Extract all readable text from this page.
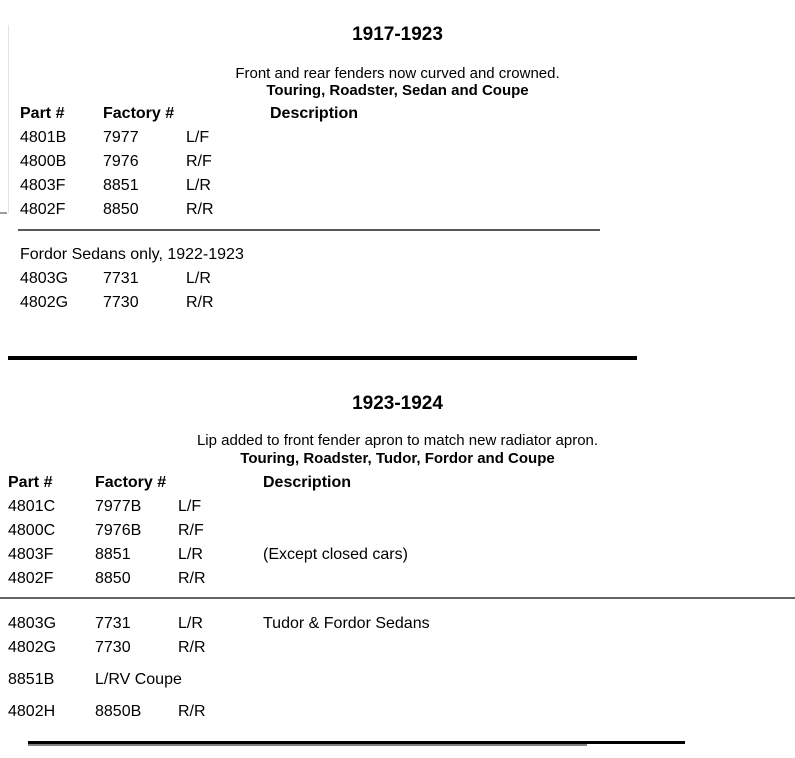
1917-1923
Front and rear fenders now curved and crowned.
Touring, Roadster, Sedan and Coupe
Part #	Factory #		Description
4801B	7977	L/F	
4800B	7976	R/F	
4803F	8851	L/R	
4802F	8850	R/R	
Fordor Sedans only, 1922-1923			
4803G	7731	L/R	
4802G	7730	R/R	
1923-1924
Lip added to front fender apron to match new radiator apron.
Touring, Roadster, Tudor, Fordor and Coupe
Part #	Factory #		Description
4801C	7977B	L/F	
4800C	7976B	R/F	
4803F	8851	L/R	(Except closed cars)
4802F	8850	R/R	
4803G	7731	L/R	Tudor & Fordor Sedans
4802G	7730	R/R	
8851B	L/RV Coupe		
4802H	8850B	R/R	
